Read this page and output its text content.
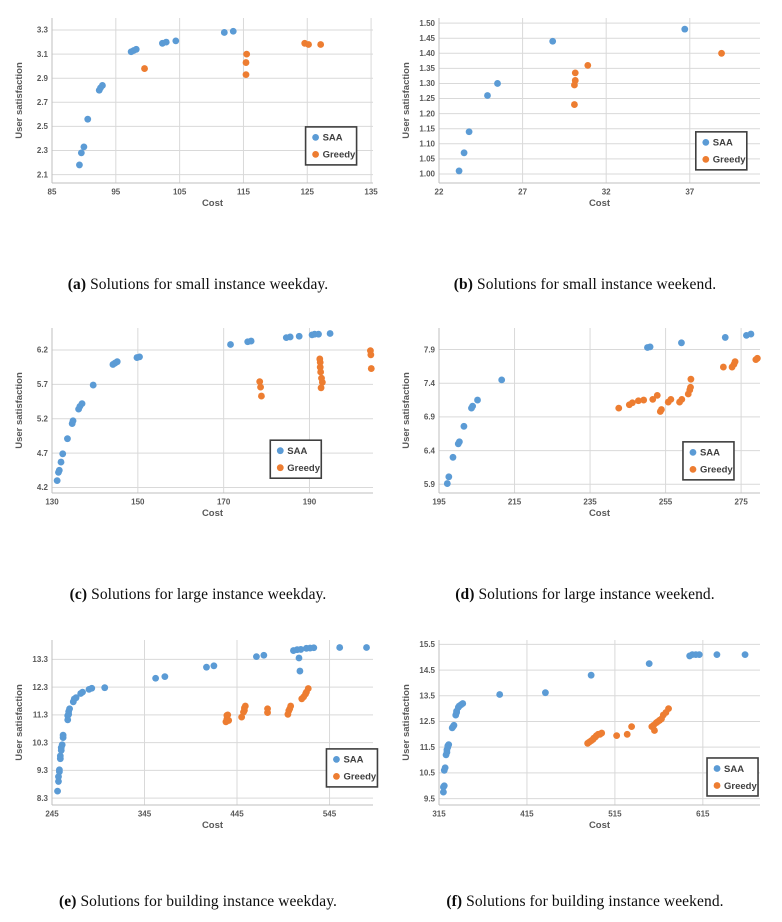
2.1
2.3
2.5
2.7
2.9
3.1
3.3
85	95	105	115	125	135
Cost
User satisfaction	SAA
Greedy
1.00
1.05
1.10
1.15
1.20
1.25
1.30
1.35
1.40
1.45
1.50
22	27	32	37
Cost
User satisfaction
SAA
Greedy
4.2
4.7
5.2
5.7
6.2
130	150	170	190
Cost
User satisfaction
SAA
Greedy
5.9
6.4
6.9
7.4
7.9
195	215	235	255	275
Cost
User satisfaction
SAA
Greedy
8.3
9.3
10.3
11.3
12.3
13.3
245	345	445	545
Cost
User satisfaction	SAA
Greedy
9.5
10.5
11.5
12.5
13.5
14.5
15.5
315	415	515	615
Cost
User satisfaction
SAA
Greedy
(a) Solutions for small instance weekday.	(b) Solutions for small instance weekend.
(c) Solutions for large instance weekday.	(d) Solutions for large instance weekend.
(e) Solutions for building instance weekday.	(f) Solutions for building instance weekend.
